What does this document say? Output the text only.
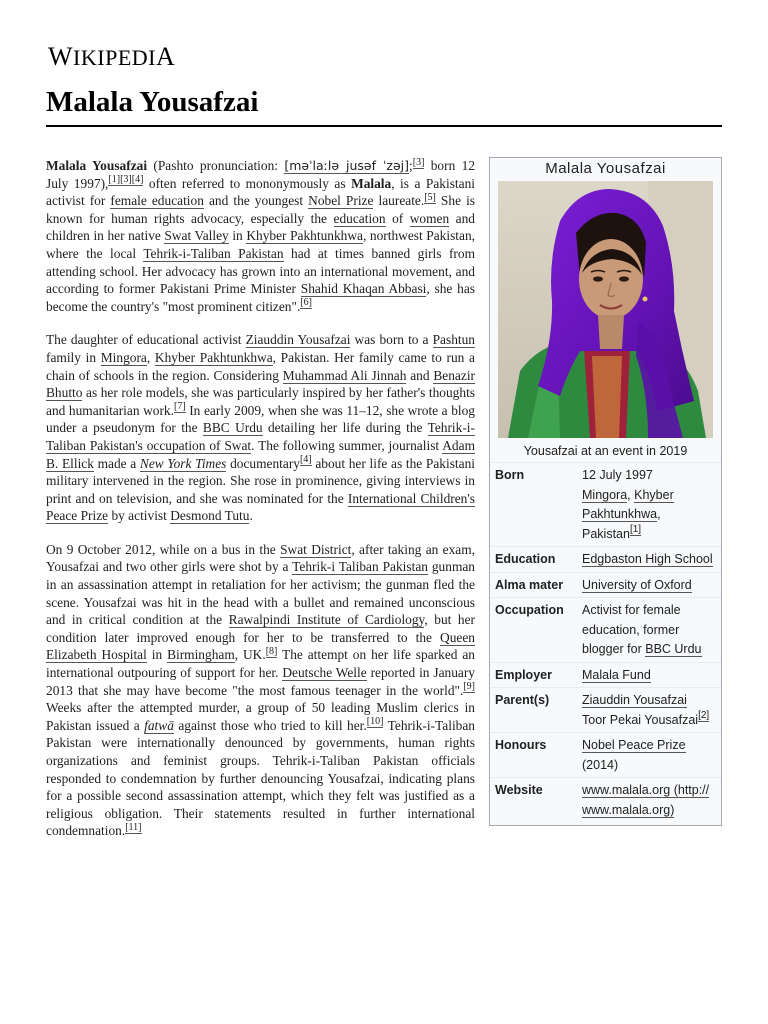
WIKIPEDIA
Malala Yousafzai
Malala Yousafzai
Yousafzai at an event in 2019
Born	12 July 1997
Mingora, Khyber Pakhtunkhwa,
Pakistan[1]
Education	Edgbaston High School
Alma mater	University of Oxford
Occupation	Activist for female education, former blogger for BBC Urdu
Employer	Malala Fund
Parent(s)	Ziauddin Yousafzai
Toor Pekai Yousafzai[2]
Honours	Nobel Peace Prize
(2014)
Website	www.malala.org (http://www.malala.org)

Malala Yousafzai (Pashto pronunciation: [məˈlaːlə jusəf ˈzəj];[3] born 12 July 1997),[1][3][4] often referred to mononymously as Malala, is a Pakistani activist for female education and the youngest Nobel Prize laureate.[5] She is known for human rights advocacy, especially the education of women and children in her native Swat Valley in Khyber Pakhtunkhwa, northwest Pakistan, where the local Tehrik-i-Taliban Pakistan had at times banned girls from attending school. Her advocacy has grown into an international movement, and according to former Pakistani Prime Minister Shahid Khaqan Abbasi, she has become the country's "most prominent citizen".[6]

The daughter of educational activist Ziauddin Yousafzai was born to a Pashtun family in Mingora, Khyber Pakhtunkhwa, Pakistan. Her family came to run a chain of schools in the region. Considering Muhammad Ali Jinnah and Benazir Bhutto as her role models, she was particularly inspired by her father's thoughts and humanitarian work.[7] In early 2009, when she was 11–12, she wrote a blog under a pseudonym for the BBC Urdu detailing her life during the Tehrik-i-Taliban Pakistan's occupation of Swat. The following summer, journalist Adam B. Ellick made a New York Times documentary[4] about her life as the Pakistani military intervened in the region. She rose in prominence, giving interviews in print and on television, and she was nominated for the International Children's Peace Prize by activist Desmond Tutu.

On 9 October 2012, while on a bus in the Swat District, after taking an exam, Yousafzai and two other girls were shot by a Tehrik-i Taliban Pakistan gunman in an assassination attempt in retaliation for her activism; the gunman fled the scene. Yousafzai was hit in the head with a bullet and remained unconscious and in critical condition at the Rawalpindi Institute of Cardiology, but her condition later improved enough for her to be transferred to the Queen Elizabeth Hospital in Birmingham, UK.[8] The attempt on her life sparked an international outpouring of support for her. Deutsche Welle reported in January 2013 that she may have become "the most famous teenager in the world".[9] Weeks after the attempted murder, a group of 50 leading Muslim clerics in Pakistan issued a fatwā against those who tried to kill her.[10] Tehrik-i-Taliban Pakistan were internationally denounced by governments, human rights organizations and feminist groups. Tehrik-i-Taliban Pakistan officials responded to condemnation by further denouncing Yousafzai, indicating plans for a possible second assassination attempt, which they felt was justified as a religious obligation. Their statements resulted in further international condemnation.[11]
